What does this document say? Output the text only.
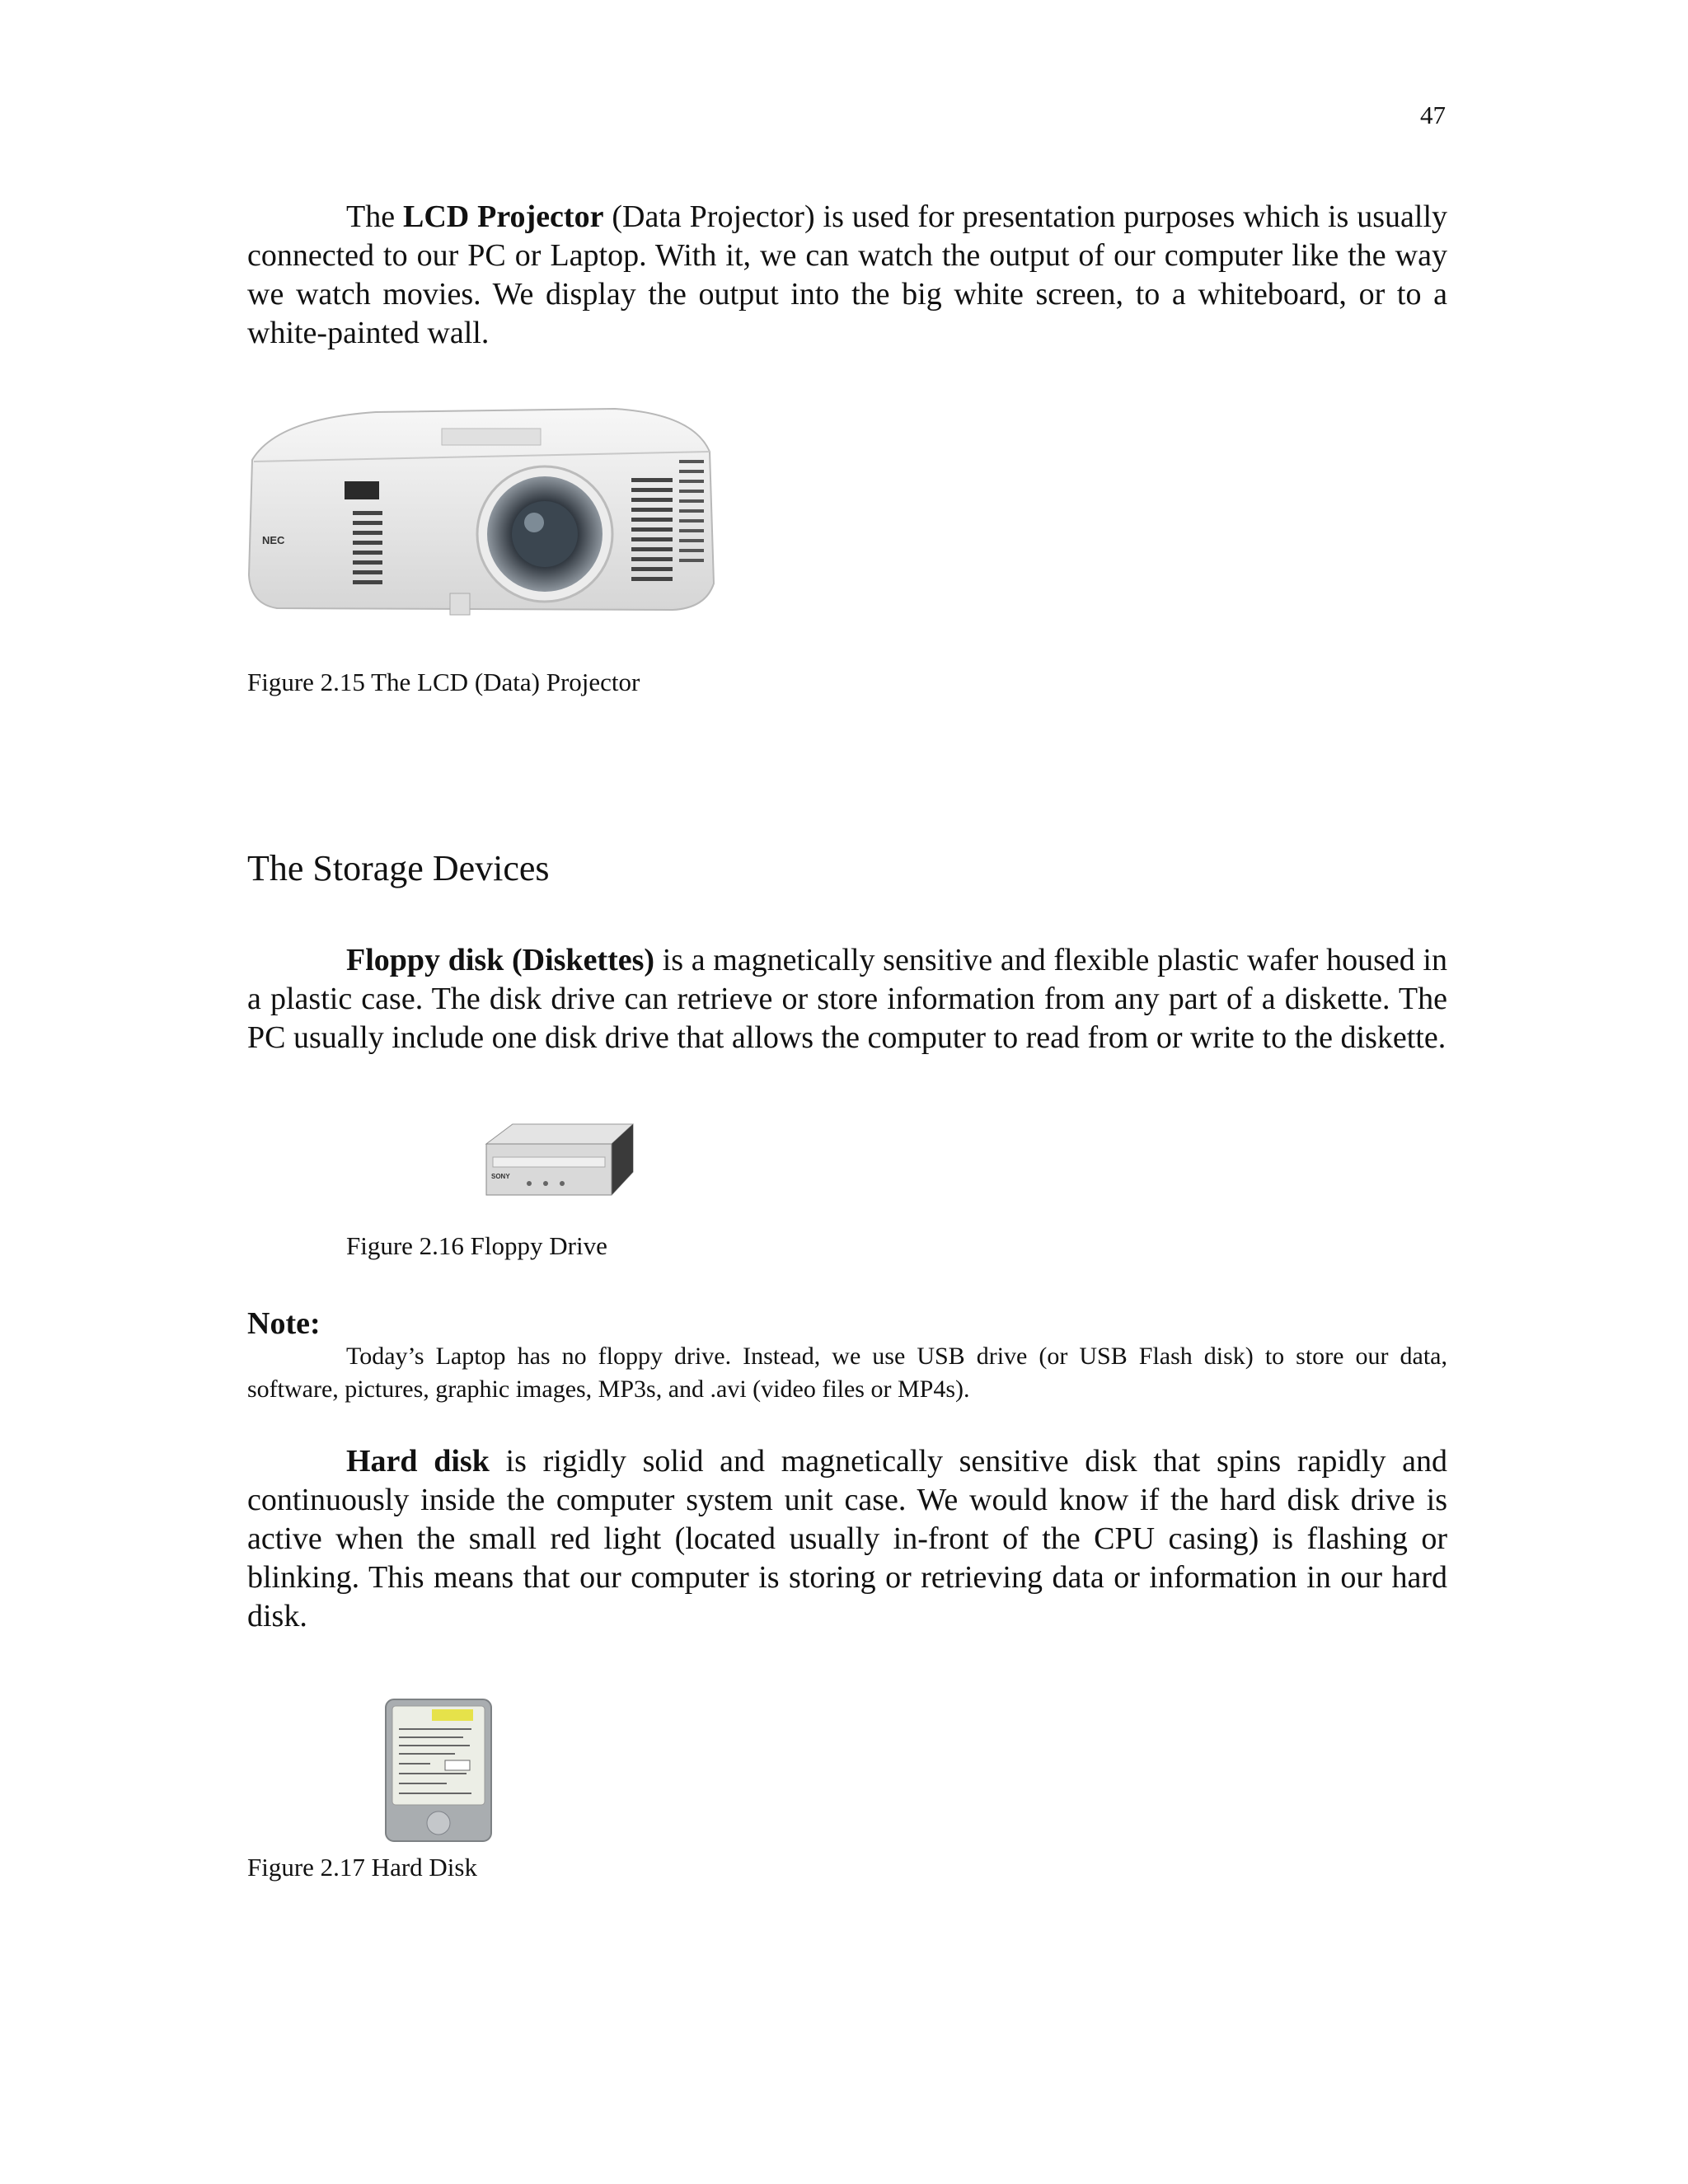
47

The LCD Projector (Data Projector) is used for presentation purposes which is usually connected to our PC or Laptop. With it, we can watch the output of our computer like the way we watch movies. We display the output into the big white screen, to a whiteboard, or to a white-painted wall.

NEC
Figure 2.15 The LCD (Data) Projector
The Storage Devices

Floppy disk (Diskettes) is a magnetically sensitive and flexible plastic wafer housed in a plastic case. The disk drive can retrieve or store information from any part of a diskette. The PC usually include one disk drive that allows the computer to read from or write to the diskette.

SONY
Figure 2.16 Floppy Drive
Note:

Today’s Laptop has no floppy drive. Instead, we use USB drive (or USB Flash disk) to store our data, software, pictures, graphic images, MP3s, and .avi (video files or MP4s).

Hard disk is rigidly solid and magnetically sensitive disk that spins rapidly and continuously inside the computer system unit case. We would know if the hard disk drive is active when the small red light (located usually in-front of the CPU casing) is flashing or blinking. This means that our computer is storing or retrieving data or information in our hard disk.

Figure 2.17 Hard Disk
